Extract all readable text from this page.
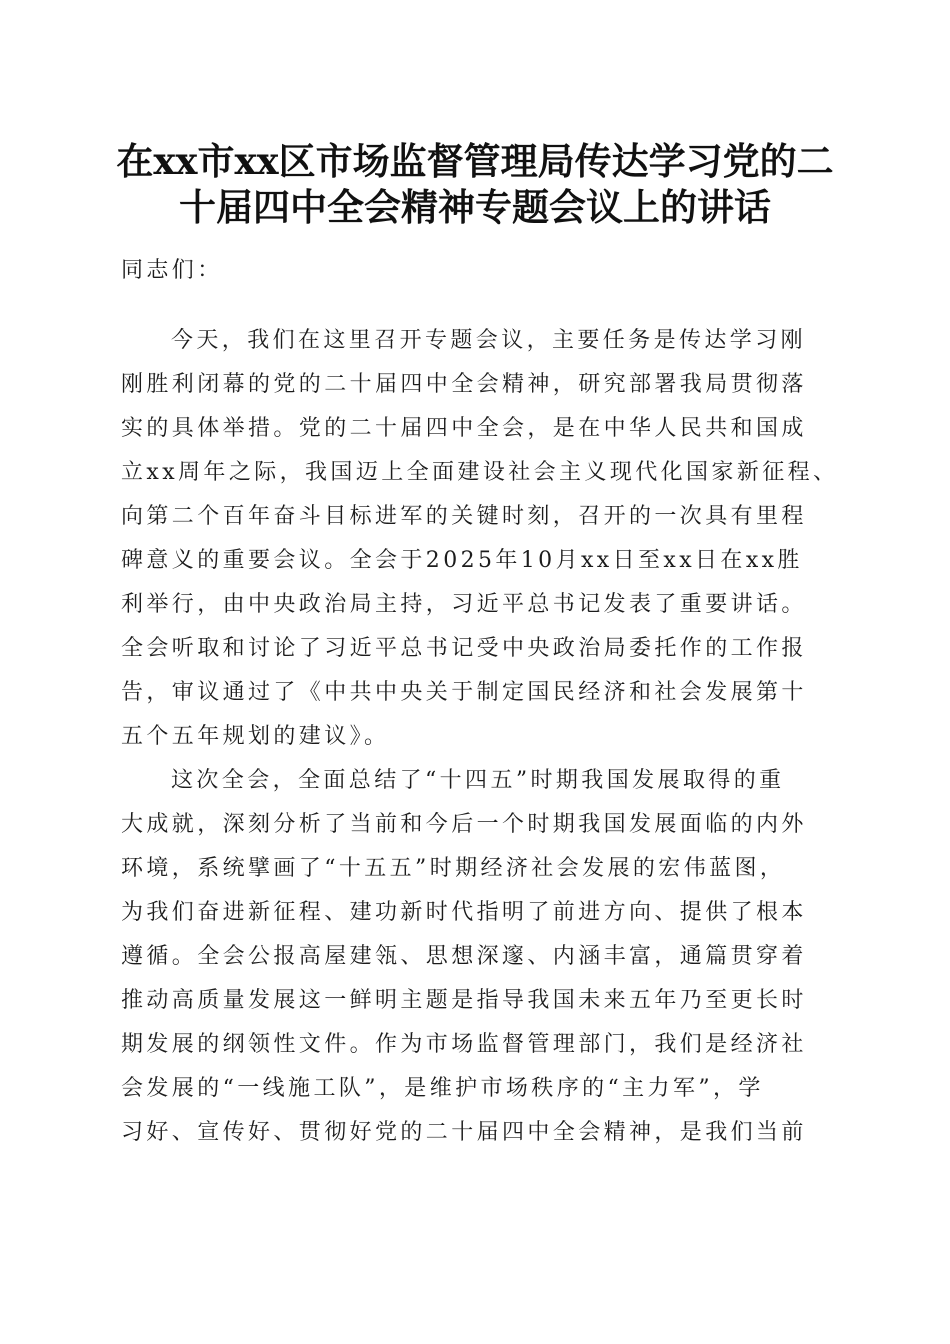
在xx市xx区市场监督管理局传达学习党的二
十届四中全会精神专题会议上的讲话
同志们：
今天，我们在这里召开专题会议，主要任务是传达学习刚
刚胜利闭幕的党的二十届四中全会精神，研究部署我局贯彻落
实的具体举措。党的二十届四中全会，是在中华人民共和国成
立xx周年之际，我国迈上全面建设社会主义现代化国家新征程、
向第二个百年奋斗目标进军的关键时刻，召开的一次具有里程
碑意义的重要会议。全会于2025年10月xx日至xx日在xx胜
利举行，由中央政治局主持，习近平总书记发表了重要讲话。
全会听取和讨论了习近平总书记受中央政治局委托作的工作报
告，审议通过了《中共中央关于制定国民经济和社会发展第十
五个五年规划的建议》。
这次全会，全面总结了“十四五”时期我国发展取得的重
大成就，深刻分析了当前和今后一个时期我国发展面临的内外
环境，系统擘画了“十五五”时期经济社会发展的宏伟蓝图，
为我们奋进新征程、建功新时代指明了前进方向、提供了根本
遵循。全会公报高屋建瓴、思想深邃、内涵丰富，通篇贯穿着
推动高质量发展这一鲜明主题是指导我国未来五年乃至更长时
期发展的纲领性文件。作为市场监督管理部门，我们是经济社
会发展的“一线施工队”，是维护市场秩序的“主力军”，学
习好、宣传好、贯彻好党的二十届四中全会精神，是我们当前
